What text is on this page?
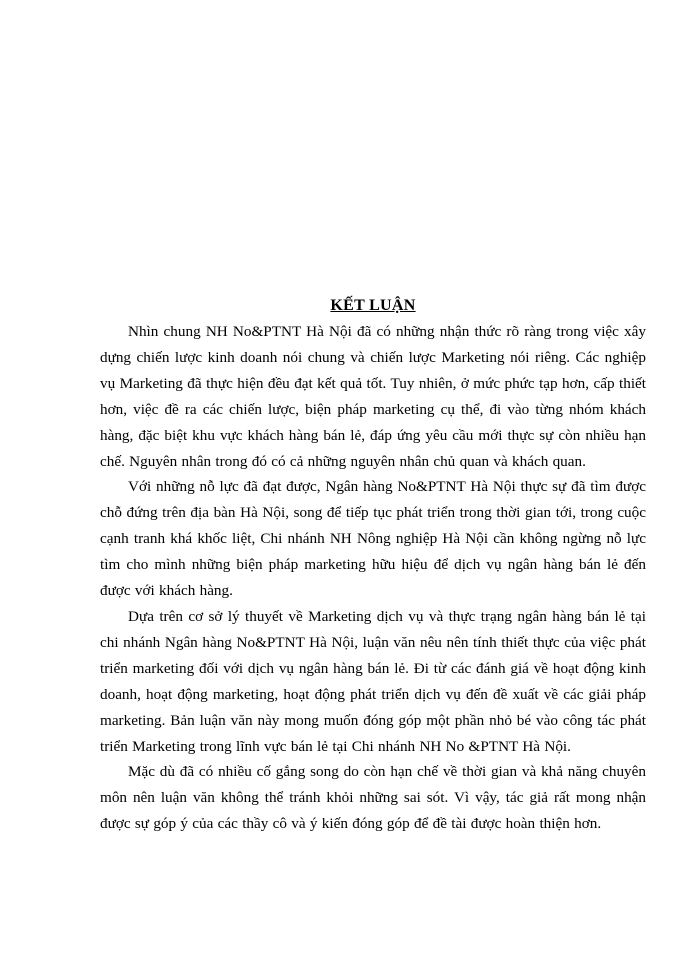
KẾT LUẬN

Nhìn chung NH No&PTNT Hà Nội đã có những nhận thức rõ ràng trong việc xây dựng chiến lược kinh doanh nói chung và chiến lược Marketing nói riêng. Các nghiệp vụ Marketing đã thực hiện đều đạt kết quả tốt. Tuy nhiên, ở mức phức tạp hơn, cấp thiết hơn, việc đề ra các chiến lược, biện pháp marketing cụ thể, đi vào từng nhóm khách hàng, đặc biệt khu vực khách hàng bán lẻ, đáp ứng yêu cầu mới thực sự còn nhiều hạn chế. Nguyên nhân trong đó có cả những nguyên nhân chủ quan và khách quan.

Với những nỗ lực đã đạt được, Ngân hàng No&PTNT Hà Nội thực sự đã tìm được chỗ đứng trên địa bàn Hà Nội, song để tiếp tục phát triển trong thời gian tới, trong cuộc cạnh tranh khá khốc liệt, Chi nhánh NH Nông nghiệp Hà Nội cần không ngừng nỗ lực tìm cho mình những biện pháp marketing hữu hiệu để dịch vụ ngân hàng bán lẻ đến được với khách hàng.

Dựa trên cơ sở lý thuyết về Marketing dịch vụ và thực trạng ngân hàng bán lẻ tại chi nhánh Ngân hàng No&PTNT Hà Nội, luận văn nêu nên tính thiết thực của việc phát triển marketing đối với dịch vụ ngân hàng bán lẻ. Đi từ các đánh giá về hoạt động kinh doanh, hoạt động marketing, hoạt động phát triển dịch vụ đến đề xuất về các giải pháp marketing. Bản luận văn này mong muốn đóng góp một phần nhỏ bé vào công tác phát triển Marketing trong lĩnh vực bán lẻ tại Chi nhánh NH No &PTNT Hà Nội.

Mặc dù đã có nhiều cố gắng song do còn hạn chế về thời gian và khả năng chuyên môn nên luận văn không thể tránh khỏi những sai sót. Vì vậy, tác giả rất mong nhận được sự góp ý của các thầy cô và ý kiến đóng góp để đề tài được hoàn thiện hơn.
